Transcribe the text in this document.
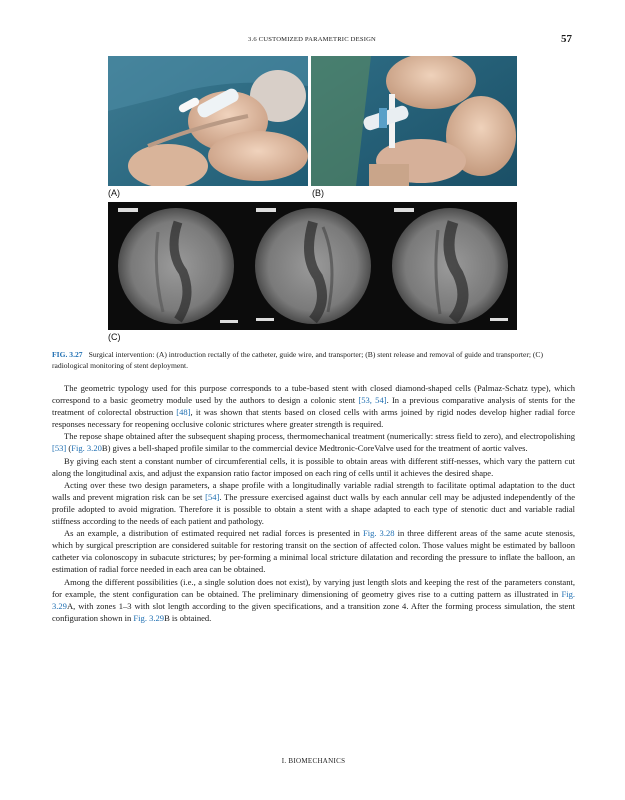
3.6 CUSTOMIZED PARAMETRIC DESIGN	57
(A)	(B)
(C)
FIG. 3.27 Surgical intervention: (A) introduction rectally of the catheter, guide wire, and transporter; (B) stent release and removal of guide and transporter; (C) radiological monitoring of stent deployment.

The geometric typology used for this purpose corresponds to a tube-based stent with closed diamond-shaped cells (Palmaz-Schatz type), which correspond to a basic geometry module used by the authors to design a colonic stent [53, 54]. In a previous comparative analysis of stents for the treatment of colorectal obstruction [48], it was shown that stents based on closed cells with arms joined by rigid nodes develop higher radial force responses necessary for reopening occlusive colonic strictures where greater strength is required.

The repose shape obtained after the subsequent shaping process, thermomechanical treatment (numerically: stress field to zero), and electropolishing [53] (Fig. 3.20B) gives a bell-shaped profile similar to the commercial device Medtronic-CoreValve used for the treatment of aortic valves.

By giving each stent a constant number of circumferential cells, it is possible to obtain areas with different stiff-nesses, which vary the pattern cut along the longitudinal axis, and adjust the expansion ratio factor imposed on each ring of cells until it achieves the desired shape.

Acting over these two design parameters, a shape profile with a longitudinally variable radial strength to facilitate optimal adaptation to the duct walls and prevent migration risk can be set [54]. The pressure exercised against duct walls by each annular cell may be adjusted independently of the profile adopted to avoid migration. Therefore it is possible to obtain a stent with a shape adapted to each type of stenotic duct and variable radial stiffness according to the needs of each patient and pathology.

As an example, a distribution of estimated required net radial forces is presented in Fig. 3.28 in three different areas of the same acute stenosis, which by surgical prescription are considered suitable for restoring transit on the section of affected colon. Those values might be estimated by balloon catheter via colonoscopy in subacute strictures; by per-forming a minimal local stricture dilatation and recording the pressure to inflate the balloon, an estimation of radial force needed in each area can be obtained.

Among the different possibilities (i.e., a single solution does not exist), by varying just length slots and keeping the rest of the parameters constant, for example, the stent configuration can be obtained. The preliminary dimensioning of geometry gives rise to a cutting pattern as illustrated in Fig. 3.29A, with zones 1–3 with slot length according to the given specifications, and a transition zone 4. After the forming process simulation, the stent configuration shown in Fig. 3.29B is obtained.

I. BIOMECHANICS
